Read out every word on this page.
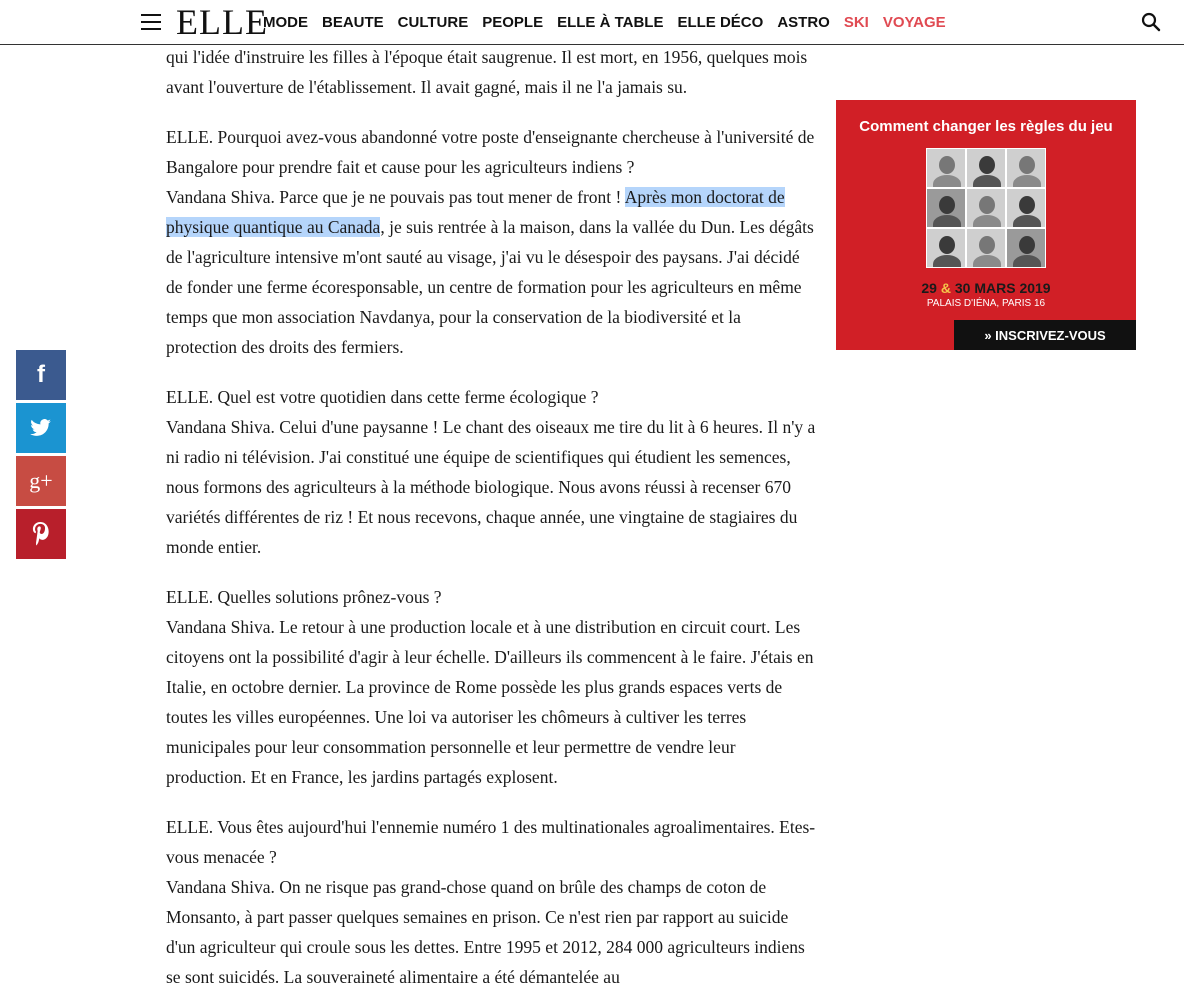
ELLE
MODE BEAUTE CULTURE PEOPLE ELLE À TABLE ELLE DÉCO ASTRO SKI VOYAGE
f
g+

qui l'idée d'instruire les filles à l'époque était saugrenue. Il est mort, en 1956, quelques mois avant l'ouverture de l'établissement. Il avait gagné, mais il ne l'a jamais su.

ELLE. Pourquoi avez-vous abandonné votre poste d'enseignante chercheuse à l'université de Bangalore pour prendre fait et cause pour les agriculteurs indiens ?
Vandana Shiva. Parce que je ne pouvais pas tout mener de front ! Après mon doctorat de physique quantique au Canada, je suis rentrée à la maison, dans la vallée du Dun. Les dégâts de l'agriculture intensive m'ont sauté au visage, j'ai vu le désespoir des paysans. J'ai décidé de fonder une ferme écoresponsable, un centre de formation pour les agriculteurs en même temps que mon association Navdanya, pour la conservation de la biodiversité et la protection des droits des fermiers.

ELLE. Quel est votre quotidien dans cette ferme écologique ?
Vandana Shiva. Celui d'une paysanne ! Le chant des oiseaux me tire du lit à 6 heures. Il n'y a ni radio ni télévision. J'ai constitué une équipe de scientifiques qui étudient les semences, nous formons des agriculteurs à la méthode biologique. Nous avons réussi à recenser 670 variétés différentes de riz ! Et nous recevons, chaque année, une vingtaine de stagiaires du monde entier.

ELLE. Quelles solutions prônez-vous ?
Vandana Shiva. Le retour à une production locale et à une distribution en circuit court. Les citoyens ont la possibilité d'agir à leur échelle. D'ailleurs ils commencent à le faire. J'étais en Italie, en octobre dernier. La province de Rome possède les plus grands espaces verts de toutes les villes européennes. Une loi va autoriser les chômeurs à cultiver les terres municipales pour leur consommation personnelle et leur permettre de vendre leur production. Et en France, les jardins partagés explosent.

ELLE. Vous êtes aujourd'hui l'ennemie numéro 1 des multinationales agroalimentaires. Etes-vous menacée ?
Vandana Shiva. On ne risque pas grand-chose quand on brûle des champs de coton de Monsanto, à part passer quelques semaines en prison. Ce n'est rien par rapport au suicide d'un agriculteur qui croule sous les dettes. Entre 1995 et 2012, 284 000 agriculteurs indiens se sont suicidés. La souveraineté alimentaire a été démantelée au

Comment changer les règles du jeu
29 & 30 MARS 2019
PALAIS D'IÉNA, PARIS 16
» INSCRIVEZ-VOUS
